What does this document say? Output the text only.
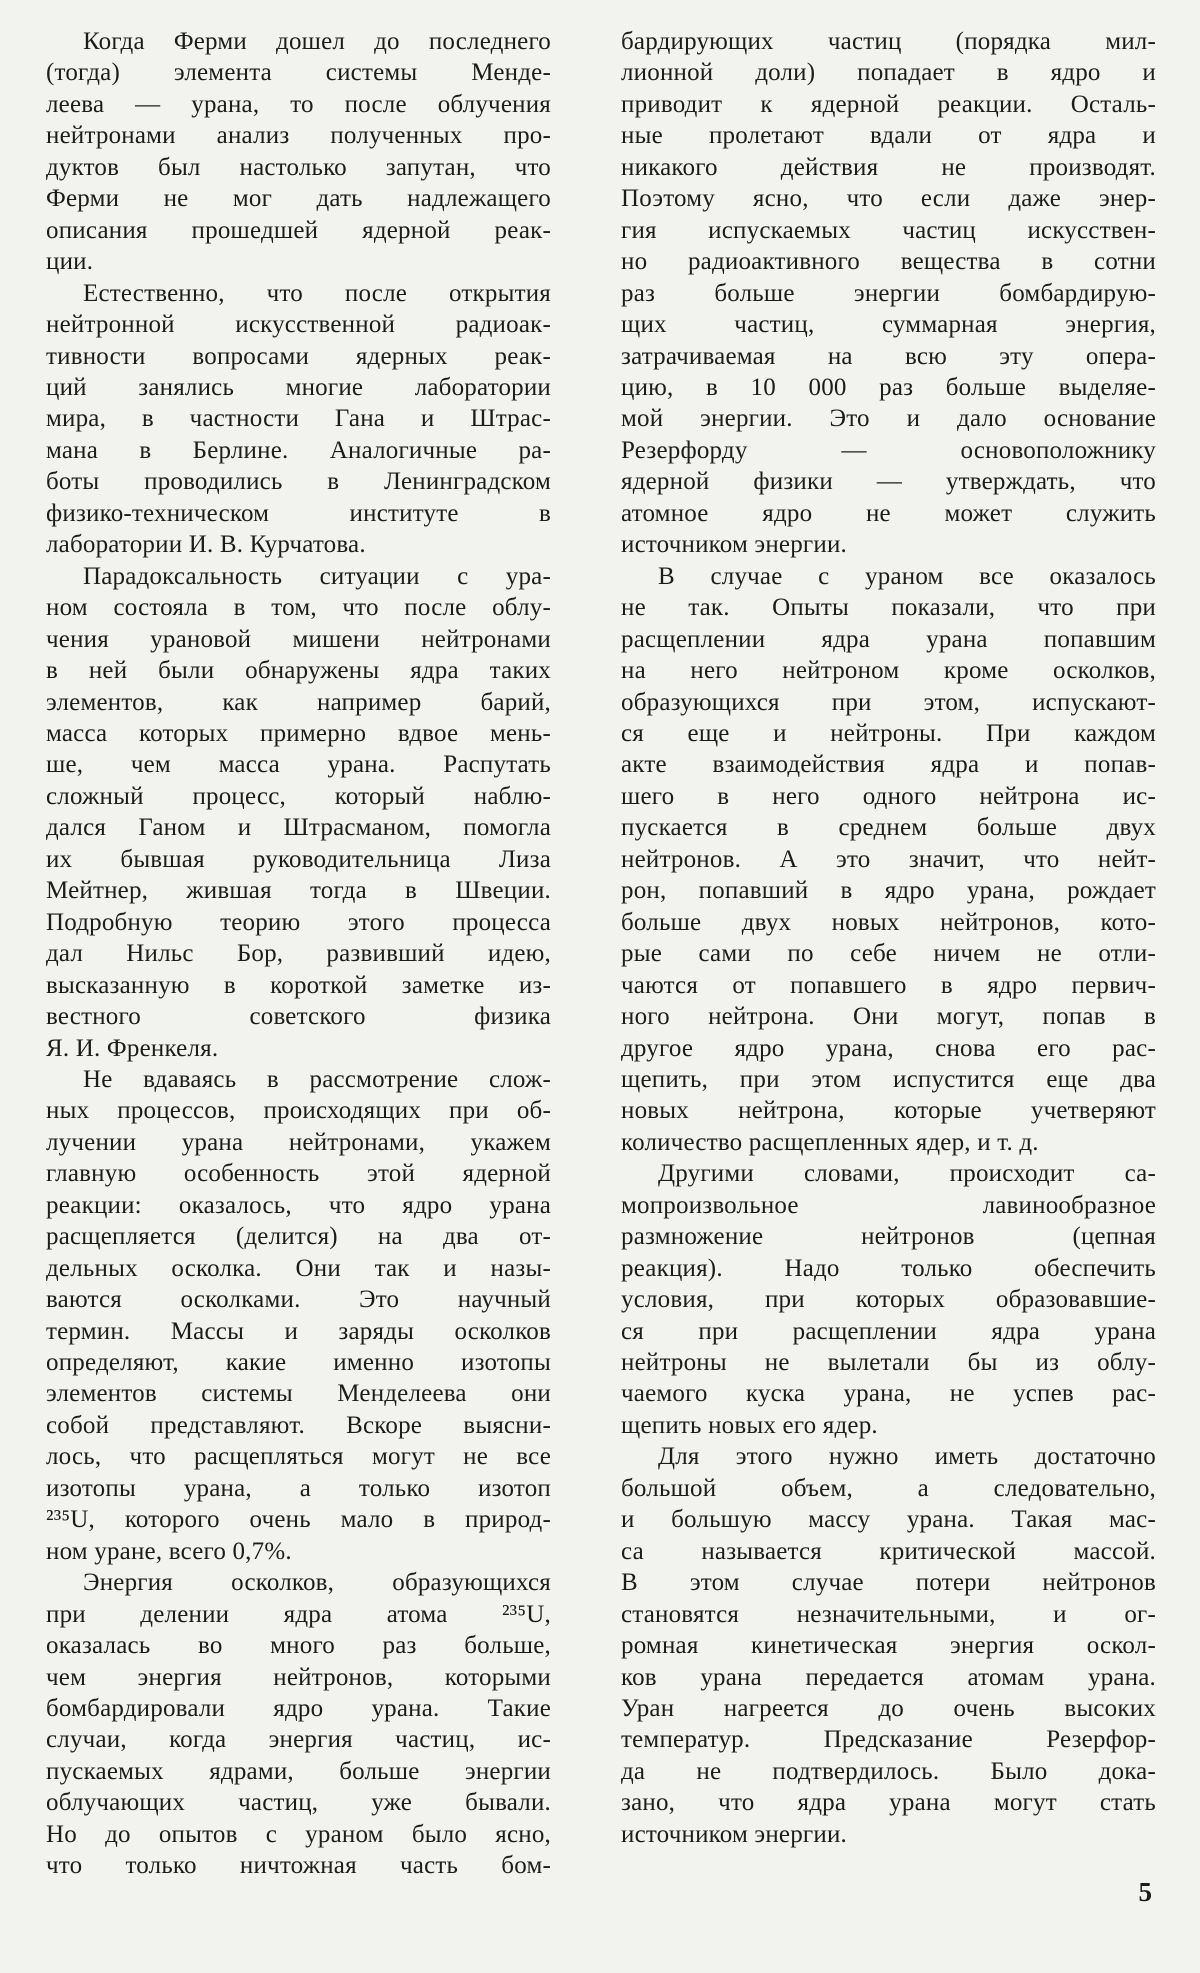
Когда Ферми дошел до последнего
(тогда) элемента системы Менде-
леева — урана, то после облучения
нейтронами анализ полученных про-
дуктов был настолько запутан, что
Ферми не мог дать надлежащего
описания прошедшей ядерной реак-
ции.

Естественно, что после открытия
нейтронной искусственной радиоак-
тивности вопросами ядерных реак-
ций занялись многие лаборатории
мира, в частности Гана и Штрас-
мана в Берлине. Аналогичные ра-
боты проводились в Ленинградском
физико-техническом институте в
лаборатории И. В. Курчатова.

Парадоксальность ситуации с ура-
ном состояла в том, что после облу-
чения урановой мишени нейтронами
в ней были обнаружены ядра таких
элементов, как например барий,
масса которых примерно вдвое мень-
ше, чем масса урана. Распутать
сложный процесс, который наблю-
дался Ганом и Штрасманом, помогла
их бывшая руководительница Лиза
Мейтнер, жившая тогда в Швеции.
Подробную теорию этого процесса
дал Нильс Бор, развивший идею,
высказанную в короткой заметке из-
вестного советского физика
Я. И. Френкеля.

Не вдаваясь в рассмотрение слож-
ных процессов, происходящих при об-
лучении урана нейтронами, укажем
главную особенность этой ядерной
реакции: оказалось, что ядро урана
расщепляется (делится) на два от-
дельных осколка. Они так и назы-
ваются осколками. Это научный
термин. Массы и заряды осколков
определяют, какие именно изотопы
элементов системы Менделеева они
собой представляют. Вскоре выясни-
лось, что расщепляться могут не все
изотопы урана, а только изотоп
²³⁵U, которого очень мало в природ-
ном уране, всего 0,7%.

Энергия осколков, образующихся
при делении ядра атома ²³⁵U,
оказалась во много раз больше,
чем энергия нейтронов, которыми
бомбардировали ядро урана. Такие
случаи, когда энергия частиц, ис-
пускаемых ядрами, больше энергии
облучающих частиц, уже бывали.
Но до опытов с ураном было ясно,
что только ничтожная часть бом-

бардирующих частиц (порядка мил-
лионной доли) попадает в ядро и
приводит к ядерной реакции. Осталь-
ные пролетают вдали от ядра и
никакого действия не производят.
Поэтому ясно, что если даже энер-
гия испускаемых частиц искусствен-
но радиоактивного вещества в сотни
раз больше энергии бомбардирую-
щих частиц, суммарная энергия,
затрачиваемая на всю эту опера-
цию, в 10 000 раз больше выделяе-
мой энергии. Это и дало основание
Резерфорду — основоположнику
ядерной физики — утверждать, что
атомное ядро не может служить
источником энергии.

В случае с ураном все оказалось
не так. Опыты показали, что при
расщеплении ядра урана попавшим
на него нейтроном кроме осколков,
образующихся при этом, испускают-
ся еще и нейтроны. При каждом
акте взаимодействия ядра и попав-
шего в него одного нейтрона ис-
пускается в среднем больше двух
нейтронов. А это значит, что нейт-
рон, попавший в ядро урана, рождает
больше двух новых нейтронов, кото-
рые сами по себе ничем не отли-
чаются от попавшего в ядро первич-
ного нейтрона. Они могут, попав в
другое ядро урана, снова его рас-
щепить, при этом испустится еще два
новых нейтрона, которые учетверяют
количество расщепленных ядер, и т. д.

Другими словами, происходит са-
мопроизвольное лавинообразное
размножение нейтронов (цепная
реакция). Надо только обеспечить
условия, при которых образовавшие-
ся при расщеплении ядра урана
нейтроны не вылетали бы из облу-
чаемого куска урана, не успев рас-
щепить новых его ядер.

Для этого нужно иметь достаточно
большой объем, а следовательно,
и большую массу урана. Такая мас-
са называется критической массой.
В этом случае потери нейтронов
становятся незначительными, и ог-
ромная кинетическая энергия оскол-
ков урана передается атомам урана.
Уран нагреется до очень высоких
температур. Предсказание Резерфор-
да не подтвердилось. Было дока-
зано, что ядра урана могут стать
источником энергии.

5
